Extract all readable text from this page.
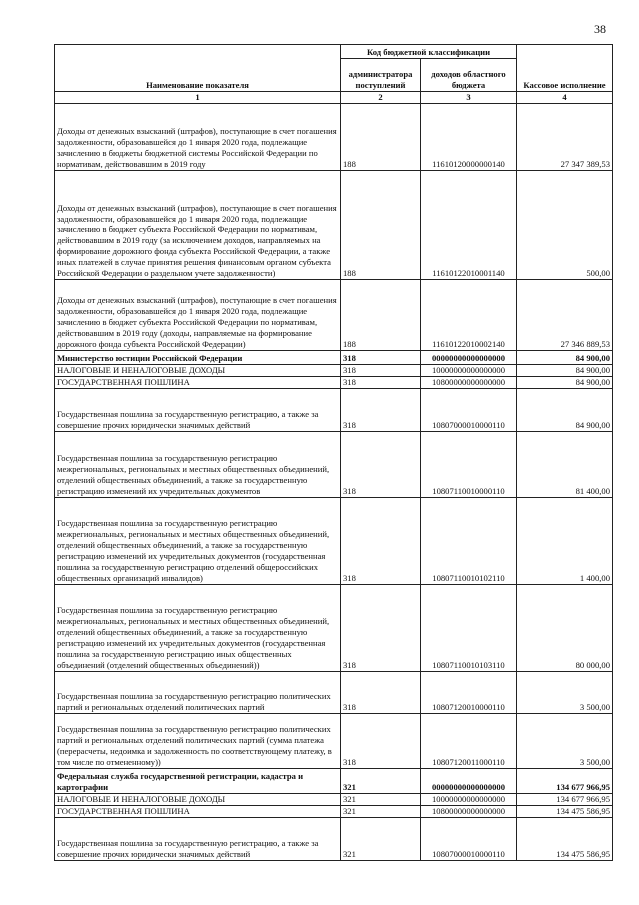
38
Наименование показателя	Код бюджетной классификации		Кассовое исполнение
	администратора поступлений	доходов областного бюджета	
1	2	3	4
Доходы от денежных взысканий (штрафов), поступающие в счет погашения задолженности, образовавшейся до 1 января 2020 года, подлежащие зачислению в бюджеты бюджетной системы Российской Федерации по нормативам, действовавшим в 2019 году	188	11610120000000140	27 347 389,53
Доходы от денежных взысканий (штрафов), поступающие в счет погашения задолженности, образовавшейся до 1 января 2020 года, подлежащие зачислению в бюджет субъекта Российской Федерации по нормативам, действовавшим в 2019 году (за исключением доходов, направляемых на формирование дорожного фонда субъекта Российской Федерации, а также иных платежей в случае принятия решения финансовым органом субъекта Российской Федерации о раздельном учете задолженности)	188	11610122010001140	500,00
Доходы от денежных взысканий (штрафов), поступающие в счет погашения задолженности, образовавшейся до 1 января 2020 года, подлежащие зачислению в бюджет субъекта Российской Федерации по нормативам, действовавшим в 2019 году (доходы, направляемые на формирование дорожного фонда субъекта Российской Федерации)	188	11610122010002140	27 346 889,53
Министерство юстиции Российской Федерации	318	00000000000000000	84 900,00
НАЛОГОВЫЕ И НЕНАЛОГОВЫЕ ДОХОДЫ	318	10000000000000000	84 900,00
ГОСУДАРСТВЕННАЯ ПОШЛИНА	318	10800000000000000	84 900,00
Государственная пошлина за государственную регистрацию, а также за совершение прочих юридически значимых действий	318	10807000010000110	84 900,00
Государственная пошлина за государственную регистрацию межрегиональных, региональных и местных общественных объединений, отделений общественных объединений, а также за государственную регистрацию изменений их учредительных документов	318	10807110010000110	81 400,00
Государственная пошлина за государственную регистрацию межрегиональных, региональных и местных общественных объединений, отделений общественных объединений, а также за государственную регистрацию изменений их учредительных документов (государственная пошлина за государственную регистрацию отделений общероссийских общественных организаций инвалидов)	318	10807110010102110	1 400,00
Государственная пошлина за государственную регистрацию межрегиональных, региональных и местных общественных объединений, отделений общественных объединений, а также за государственную регистрацию изменений их учредительных документов (государственная пошлина за государственную регистрацию иных общественных объединений (отделений общественных объединений))	318	10807110010103110	80 000,00
Государственная пошлина за государственную регистрацию политических партий и региональных отделений политических партий	318	10807120010000110	3 500,00
Государственная пошлина за государственную регистрацию политических партий и региональных отделений политических партий (сумма платежа (перерасчеты, недоимка и задолженность по соответствующему платежу, в том числе по отмененному))	318	10807120011000110	3 500,00
Федеральная служба государственной регистрации, кадастра и картографии	321	00000000000000000	134 677 966,95
НАЛОГОВЫЕ И НЕНАЛОГОВЫЕ ДОХОДЫ	321	10000000000000000	134 677 966,95
ГОСУДАРСТВЕННАЯ ПОШЛИНА	321	10800000000000000	134 475 586,95
Государственная пошлина за государственную регистрацию, а также за совершение прочих юридически значимых действий	321	10807000010000110	134 475 586,95
